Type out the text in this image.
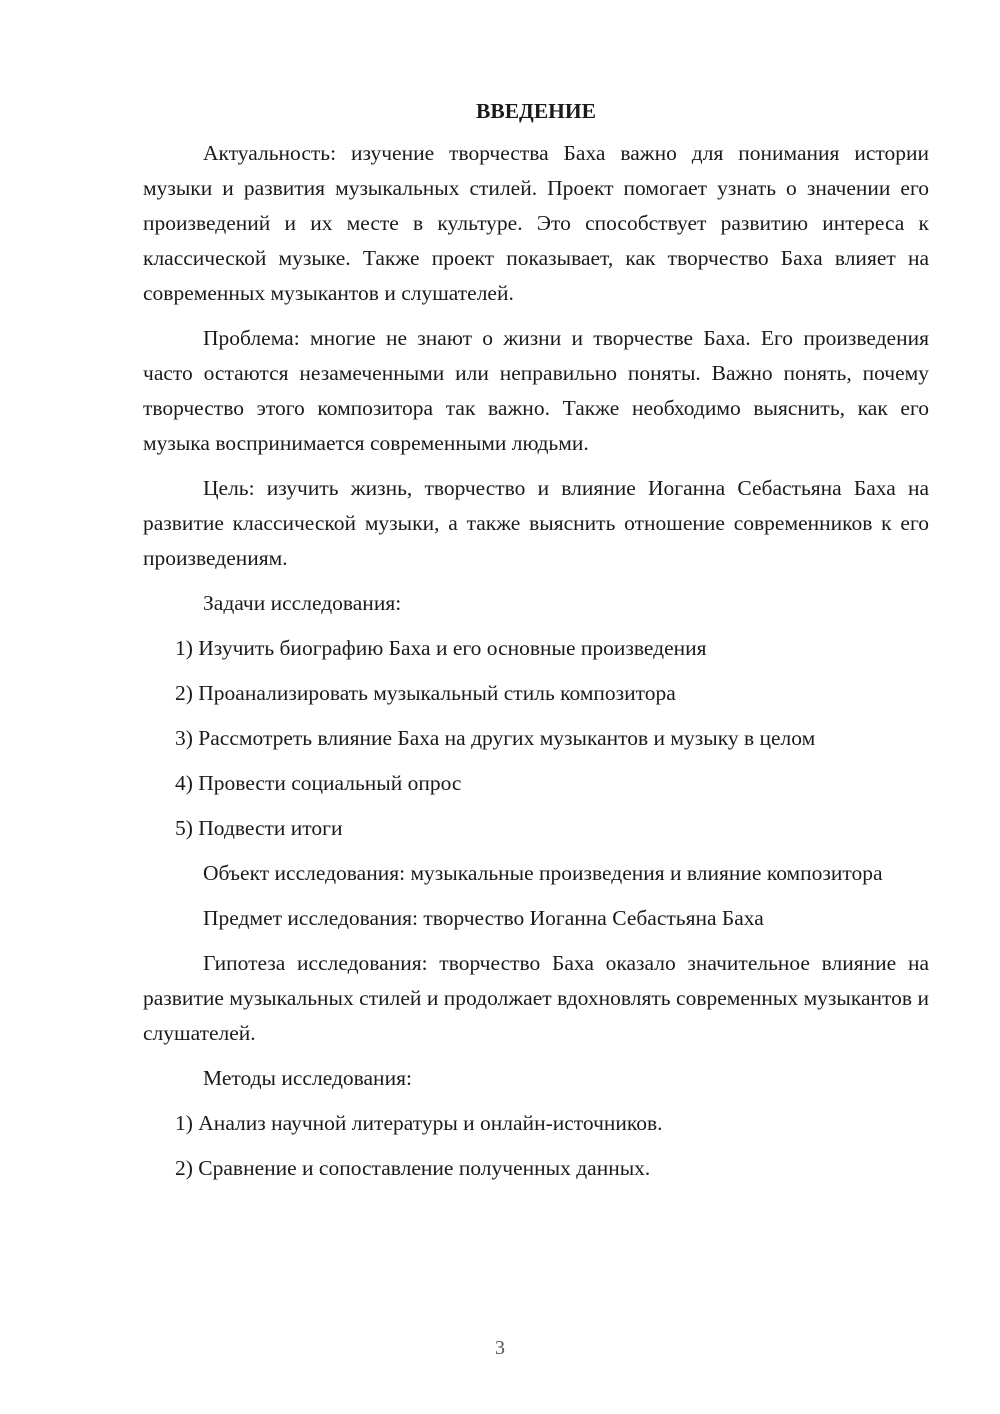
ВВЕДЕНИЕ

Актуальность: изучение творчества Баха важно для понимания истории музыки и развития музыкальных стилей. Проект помогает узнать о значении его произведений и их месте в культуре. Это способствует развитию интереса к классической музыке. Также проект показывает, как творчество Баха влияет на современных музыкантов и слушателей.

Проблема: многие не знают о жизни и творчестве Баха. Его произведения часто остаются незамеченными или неправильно поняты. Важно понять, почему творчество этого композитора так важно. Также необходимо выяснить, как его музыка воспринимается современными людьми.

Цель: изучить жизнь, творчество и влияние Иоганна Себастьяна Баха на развитие классической музыки, а также выяснить отношение современников к его произведениям.

Задачи исследования:

1) Изучить биографию Баха и его основные произведения

2) Проанализировать музыкальный стиль композитора

3) Рассмотреть влияние Баха на других музыкантов и музыку в целом

4) Провести социальный опрос

5) Подвести итоги

Объект исследования: музыкальные произведения и влияние композитора

Предмет исследования: творчество Иоганна Себастьяна Баха

Гипотеза исследования: творчество Баха оказало значительное влияние на развитие музыкальных стилей и продолжает вдохновлять современных музыкантов и слушателей.

Методы исследования:

1) Анализ научной литературы и онлайн-источников.

2) Сравнение и сопоставление полученных данных.

3
